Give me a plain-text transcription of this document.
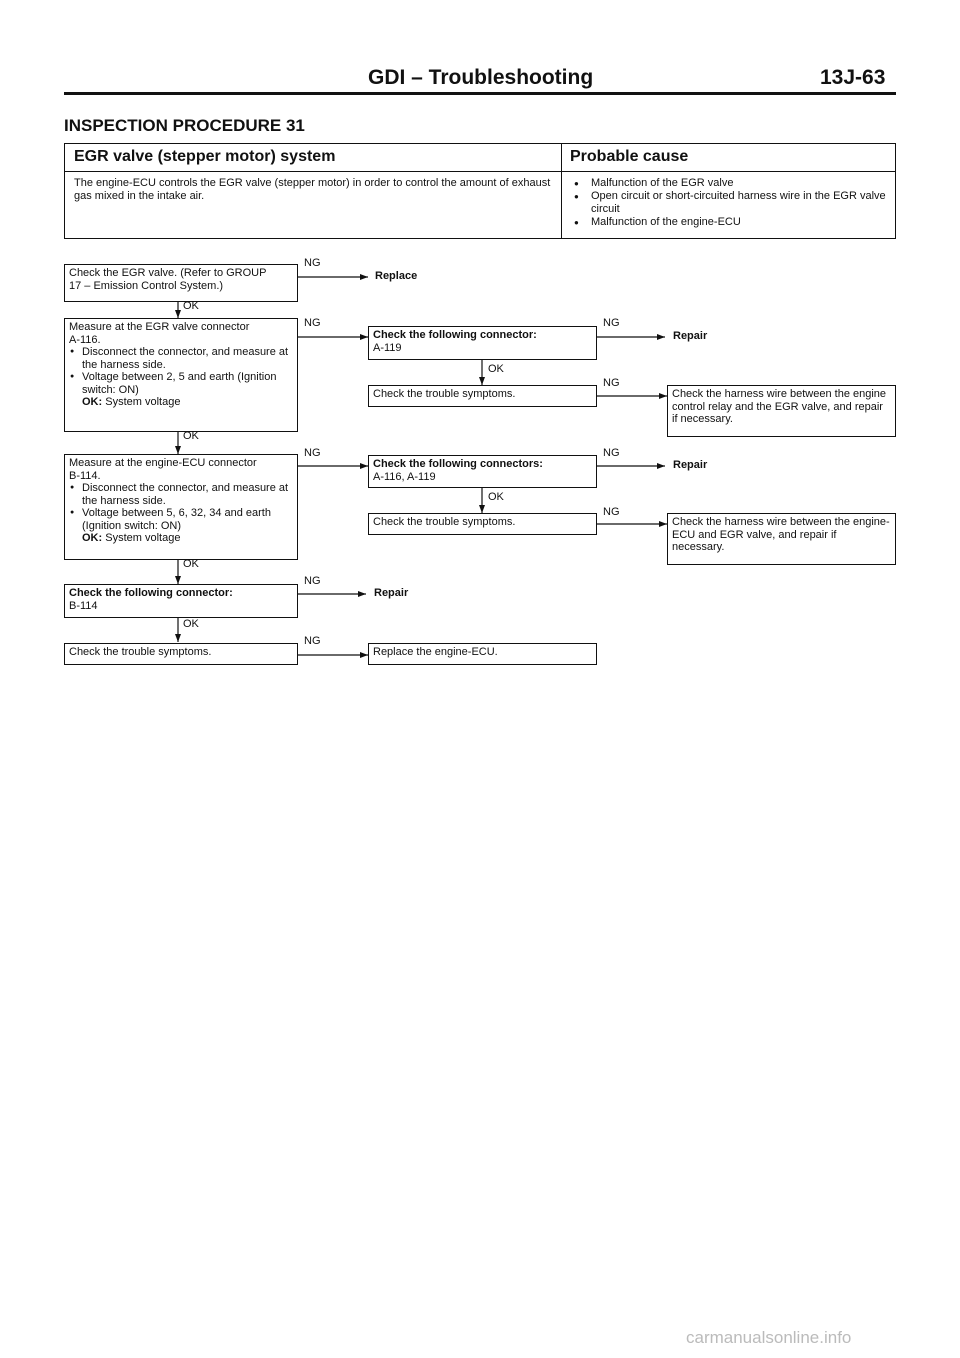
GDI – Troubleshooting	13J-63
INSPECTION PROCEDURE 31
EGR valve (stepper motor) system	Probable cause
The engine-ECU controls the EGR valve (stepper motor) in order to control the amount of exhaust gas mixed in the intake air.
● Malfunction of the EGR valve
● Open circuit or short-circuited harness wire in the EGR valve circuit
● Malfunction of the engine-ECU
Check the EGR valve. (Refer to GROUP
17 – Emission Control System.)
NG
Replace
OK
Measure at the EGR valve connector
A-116.
● Disconnect the connector, and measure at the harness side.
● Voltage between 2, 5 and earth (Ignition switch: ON)
OK: System voltage
NG
Check the following connector:
A-119
NG
Repair
OK
Check the trouble symptoms.
NG
Check the harness wire between the engine control relay and the EGR valve, and repair if necessary.
OK
Measure at the engine-ECU connector
B-114.
● Disconnect the connector, and measure at the harness side.
● Voltage between 5, 6, 32, 34 and earth (Ignition switch: ON)
OK: System voltage
NG
Check the following connectors:
A-116, A-119
NG
Repair
OK
Check the trouble symptoms.
NG
Check the harness wire between the engine-ECU and EGR valve, and repair if necessary.
OK
Check the following connector:
B-114
NG
Repair
OK
Check the trouble symptoms.
NG
Replace the engine-ECU.
carmanualsonline.info
